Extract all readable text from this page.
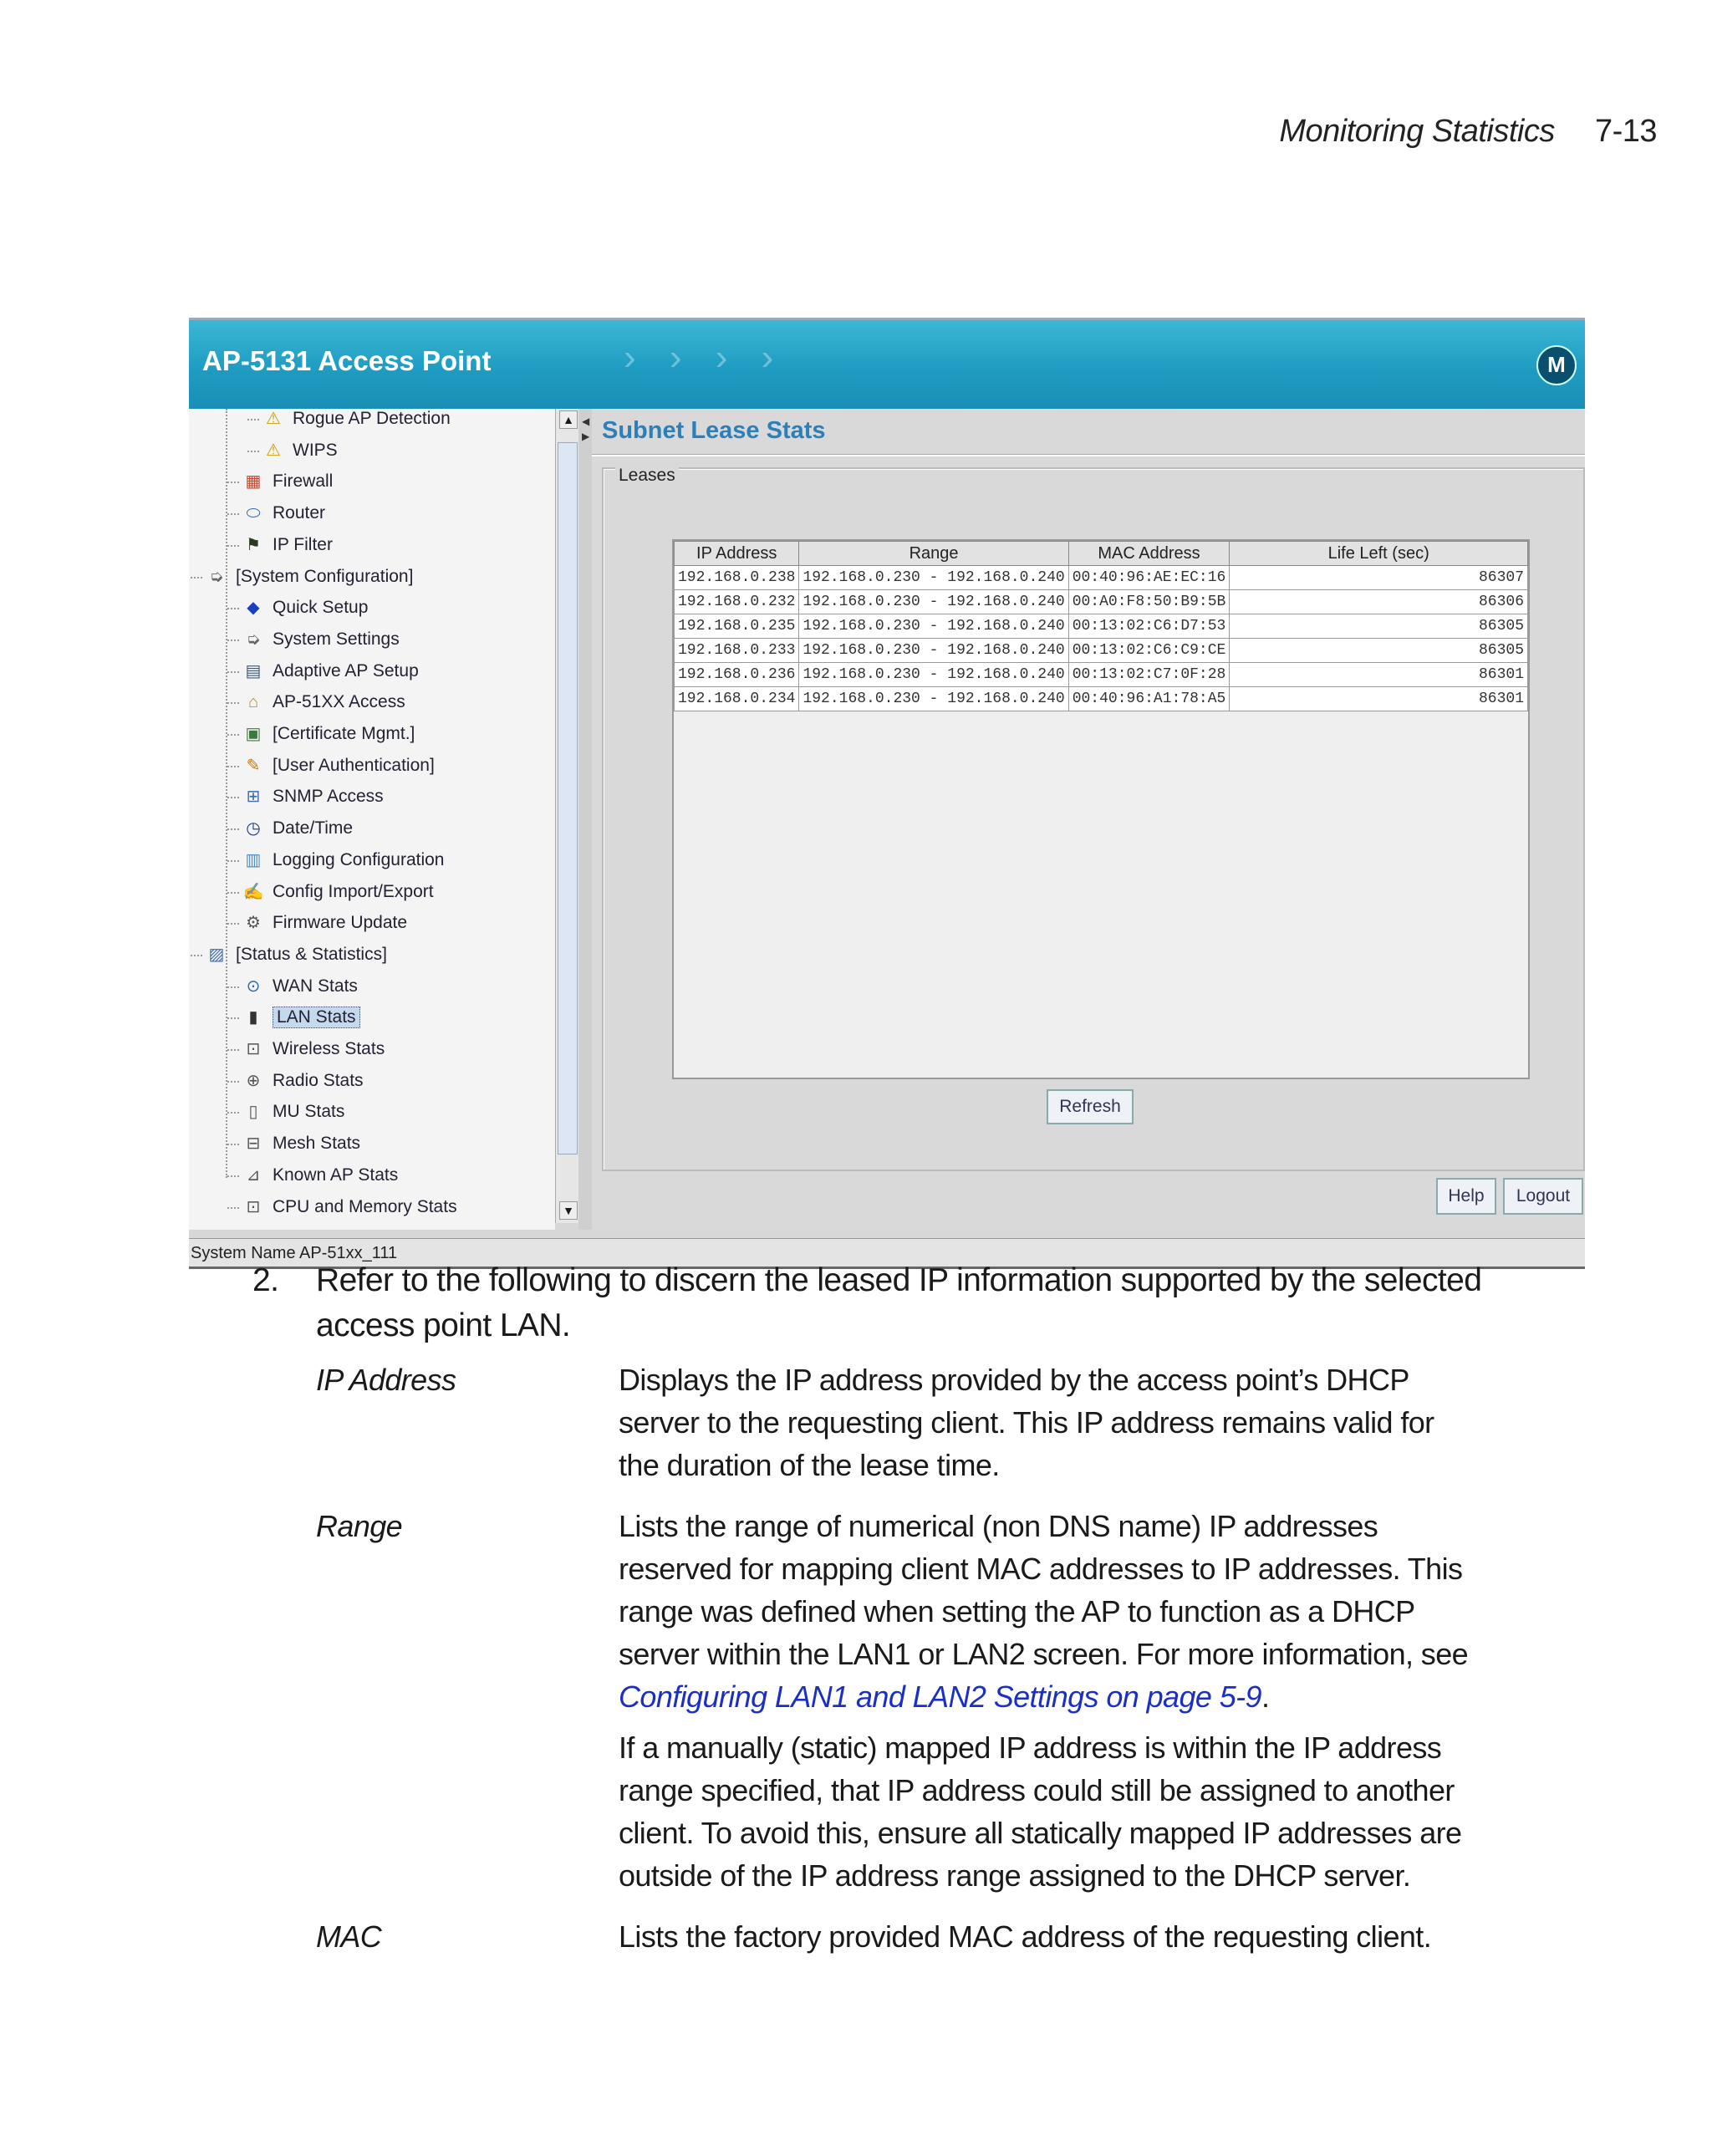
Monitoring Statistics 7-13
AP-5131 Access Point	› › › ›	M
⚠ Rogue AP Detection
⚠ WIPS
▦ Firewall
⬭ Router
⚑ IP Filter
➭ [System Configuration]
◆ Quick Setup
➭ System Settings
▤ Adaptive AP Setup
⌂ AP-51XX Access
▣ [Certificate Mgmt.]
✎ [User Authentication]
⊞ SNMP Access
◷ Date/Time
▥ Logging Configuration
✍ Config Import/Export
⚙ Firmware Update
▨ [Status & Statistics]
⊙ WAN Stats
▮	LAN Stats
⊡ Wireless Stats
⊕ Radio Stats
▯ MU Stats
⊟ Mesh Stats
⊿ Known AP Stats
⊡ CPU and Memory Stats
▲
▼
◀
▶ Subnet Lease Stats
Leases
IP Address	Range	MAC Address	Life Left (sec)
192.168.0.238	192.168.0.230 - 192.168.0.240	00:40:96:AE:EC:16	86307
192.168.0.232	192.168.0.230 - 192.168.0.240	00:A0:F8:50:B9:5B	86306
192.168.0.235	192.168.0.230 - 192.168.0.240	00:13:02:C6:D7:53	86305
192.168.0.233	192.168.0.230 - 192.168.0.240	00:13:02:C6:C9:CE	86305
192.168.0.236	192.168.0.230 - 192.168.0.240	00:13:02:C7:0F:28	86301
192.168.0.234	192.168.0.230 - 192.168.0.240	00:40:96:A1:78:A5	86301
Refresh
Help	Logout
System Name AP-51xx_111
2. Refer to the following to discern the leased IP information supported by the selected access point LAN.
IP Address	Displays the IP address provided by the access point’s DHCP server to the requesting client. This IP address remains valid for the duration of the lease time.

Range	Lists the range of numerical (non DNS name) IP addresses reserved for mapping client MAC addresses to IP addresses. This range was defined when setting the AP to function as a DHCP server within the LAN1 or LAN2 screen. For more information, see Configuring LAN1 and LAN2 Settings on page 5-9.

If a manually (static) mapped IP address is within the IP address range specified, that IP address could still be assigned to another client. To avoid this, ensure all statically mapped IP addresses are outside of the IP address range assigned to the DHCP server.

MAC	Lists the factory provided MAC address of the requesting client.
